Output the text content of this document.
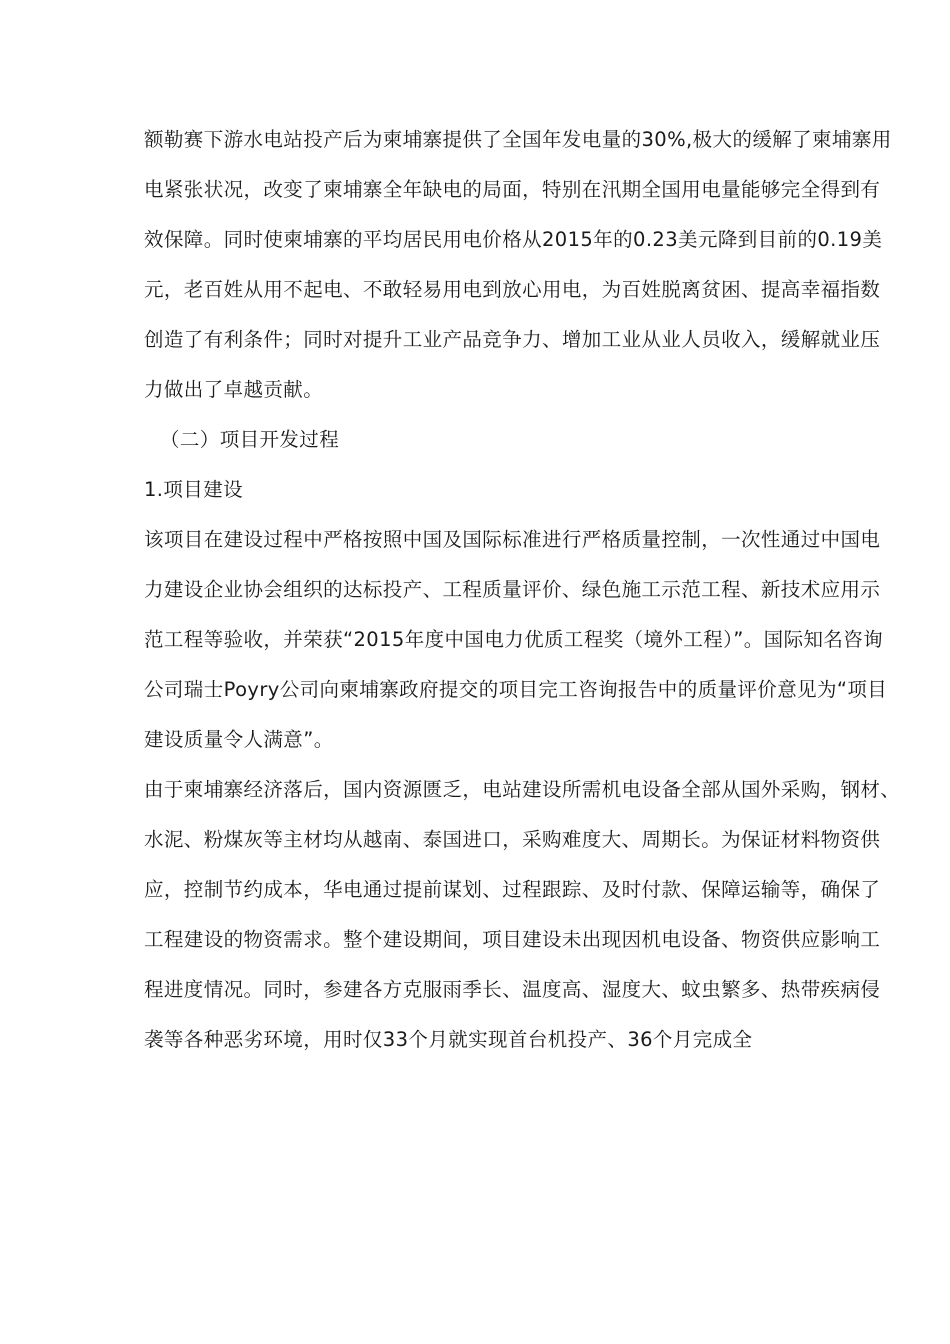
额勒赛下游水电站投产后为柬埔寨提供了全国年发电量的30%,极大的缓解了柬埔寨用
电紧张状况，改变了柬埔寨全年缺电的局面，特别在汛期全国用电量能够完全得到有
效保障。同时使柬埔寨的平均居民用电价格从2015年的0.23美元降到目前的0.19美
元，老百姓从用不起电、不敢轻易用电到放心用电，为百姓脱离贫困、提高幸福指数
创造了有利条件；同时对提升工业产品竞争力、增加工业从业人员收入，缓解就业压
力做出了卓越贡献。
（二）项目开发过程
1.项目建设
该项目在建设过程中严格按照中国及国际标准进行严格质量控制，一次性通过中国电
力建设企业协会组织的达标投产、工程质量评价、绿色施工示范工程、新技术应用示
范工程等验收，并荣获“2015年度中国电力优质工程奖（境外工程）”。国际知名咨询
公司瑞士Poyry公司向柬埔寨政府提交的项目完工咨询报告中的质量评价意见为“项目
建设质量令人满意”。
由于柬埔寨经济落后，国内资源匮乏，电站建设所需机电设备全部从国外采购，钢材、
水泥、粉煤灰等主材均从越南、泰国进口，采购难度大、周期长。为保证材料物资供
应，控制节约成本，华电通过提前谋划、过程跟踪、及时付款、保障运输等，确保了
工程建设的物资需求。整个建设期间，项目建设未出现因机电设备、物资供应影响工
程进度情况。同时，参建各方克服雨季长、温度高、湿度大、蚊虫繁多、热带疾病侵
袭等各种恶劣环境，用时仅33个月就实现首台机投产、36个月完成全
